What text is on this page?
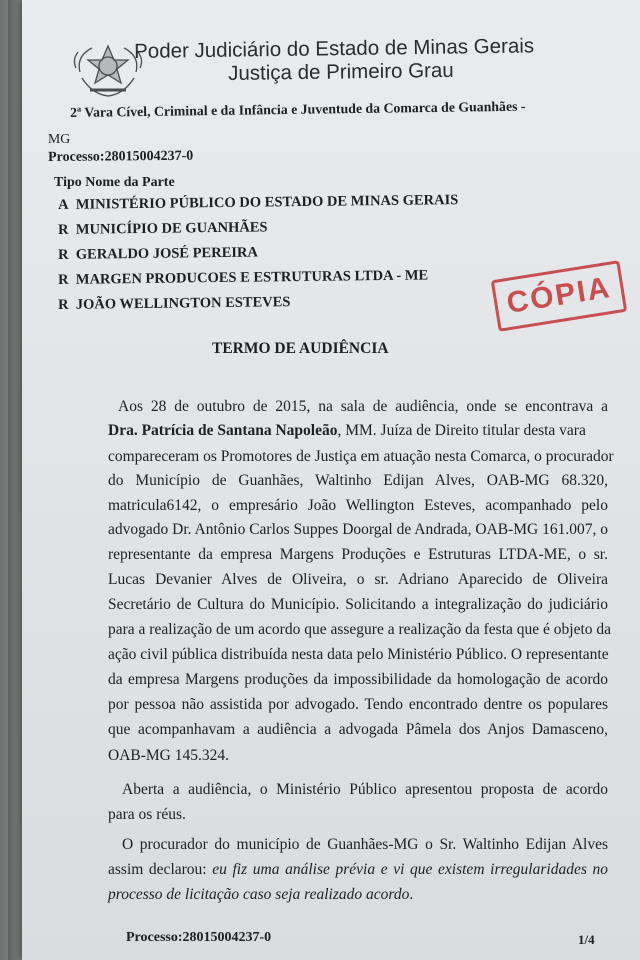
Poder Judiciário do Estado de Minas Gerais
Justiça de Primeiro Grau
2ª Vara Cível, Criminal e da Infância e Juventude da Comarca de Guanhães -
MG
Processo:28015004237-0
Tipo Nome da Parte
A MINISTÉRIO PÚBLICO DO ESTADO DE MINAS GERAIS
R MUNICÍPIO DE GUANHÃES
R GERALDO JOSÉ PEREIRA
R MARGEN PRODUCOES E ESTRUTURAS LTDA - ME
R JOÃO WELLINGTON ESTEVES	CÓPIA
TERMO DE AUDIÊNCIA
Aos 28 de outubro de 2015, na sala de audiência, onde se encontrava a
Dra. Patrícia de Santana Napoleão, MM. Juíza de Direito titular desta vara
compareceram os Promotores de Justiça em atuação nesta Comarca, o procurador
do Município de Guanhães, Waltinho Edijan Alves, OAB-MG 68.320,
matricula6142, o empresário João Wellington Esteves, acompanhado pelo
advogado Dr. Antônio Carlos Suppes Doorgal de Andrada, OAB-MG 161.007, o
representante da empresa Margens Produções e Estruturas LTDA-ME, o sr.
Lucas Devanier Alves de Oliveira, o sr. Adriano Aparecido de Oliveira
Secretário de Cultura do Município. Solicitando a integralização do judiciário
para a realização de um acordo que assegure a realização da festa que é objeto da
ação civil pública distribuída nesta data pelo Ministério Público. O representante
da empresa Margens produções da impossibilidade da homologação de acordo
por pessoa não assistida por advogado. Tendo encontrado dentre os populares
que acompanhavam a audiência a advogada Pâmela dos Anjos Damasceno,
OAB-MG 145.324.
Aberta a audiência, o Ministério Público apresentou proposta de acordo
para os réus.
O procurador do município de Guanhães-MG o Sr. Waltinho Edijan Alves
assim declarou: eu fiz uma análise prévia e vi que existem irregularidades no
processo de licitação caso seja realizado acordo.
Processo:28015004237-0	1/4
